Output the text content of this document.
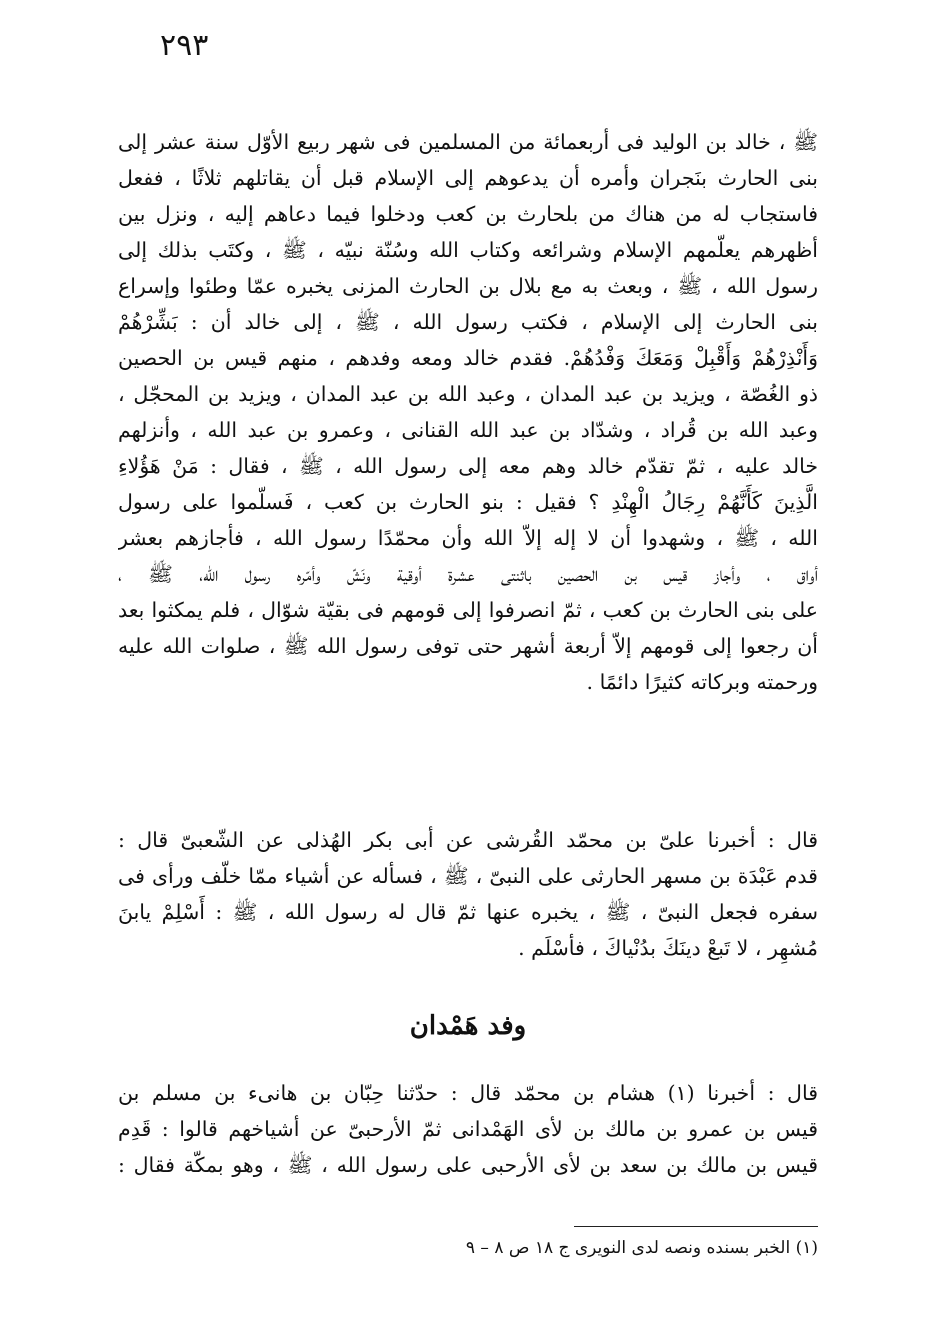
٢٩٣
ﷺ ، خالد بن الوليد فى أربعمائة من المسلمين فى شهر ربيع الأوّل سنة عشر إلى
بنى الحارث بنَجران وأمره أن يدعوهم إلى الإسلام قبل أن يقاتلهم ثلاثًا ، ففعل
فاستجاب له من هناك من بلحارث بن كعب ودخلوا فيما دعاهم إليه ، ونزل بين
أظهرهم يعلّمهم الإسلام وشرائعه وكتاب الله وسُنّة نبيّه ، ﷺ ، وكتَب بذلك إلى
رسول الله ، ﷺ ، وبعث به مع بلال بن الحارث المزنى يخبره عمّا وطئوا وإسراع
بنى الحارث إلى الإسلام ، فكتب رسول الله ، ﷺ ، إلى خالد أن : بَشِّرْهُمْ
وَأَنْذِرْهُمْ وَأَقْبِلْ وَمَعَكَ وَفْدُهُمْ. فقدم خالد ومعه وفدهم ، منهم قيس بن الحصين
ذو الغُصّة ، ويزيد بن عبد المدان ، وعبد الله بن عبد المدان ، ويزيد بن المحجّل ،
وعبد الله بن قُراد ، وشدّاد بن عبد الله القنانى ، وعمرو بن عبد الله ، وأنزلهم
خالد عليه ، ثمّ تقدّم خالد وهم معه إلى رسول الله ، ﷺ ، فقال : مَنْ هَؤُلاءِ
الَّذِينَ كَأَنَّهُمْ رِجَالُ الْهِنْدِ ؟ فقيل : بنو الحارث بن كعب ، فَسلّموا على رسول
الله ، ﷺ ، وشهدوا أن لا إله إلاّ الله وأن محمّدًا رسول الله ، فأجازهم بعشر
أواق ، وأجاز قيس بن الحصين باثنتى عشرة أوقية ونَشّ وأمّره رسول الله، ﷺ ،
على بنى الحارث بن كعب ، ثمّ انصرفوا إلى قومهم فى بقيّة شوّال ، فلم يمكثوا بعد
أن رجعوا إلى قومهم إلاّ أربعة أشهر حتى توفى رسول الله ﷺ ، صلوات الله عليه
ورحمته وبركاته كثيرًا دائمًا .
قال : أخبرنا علىّ بن محمّد القُرشى عن أبى بكر الهُذلى عن الشّعبىّ قال :
قدم عَبْدَة بن مسهر الحارثى على النبىّ ، ﷺ ، فسأله عن أشياء ممّا خلّف ورأى فى
سفره فجعل النبىّ ، ﷺ ، يخبره عنها ثمّ قال له رسول الله ، ﷺ : أَسْلِمْ يابنَ
مُشهِر ، لا تَبعْ دينَكَ بدُنْياكَ ، فأسْلَم .
وفد هَمْدان
قال : أخبرنا (١) هشام بن محمّد قال : حدّثنا حِبّان بن هانىء بن مسلم بن
قيس بن عمرو بن مالك بن لأى الهَمْدانى ثمّ الأرحبىّ عن أشياخهم قالوا : قَدِم
قيس بن مالك بن سعد بن لأى الأرحبى على رسول الله ، ﷺ ، وهو بمكّة فقال :
(١) الخبر بسنده ونصه لدى النويرى ج ١٨ ص ٨ – ٩
